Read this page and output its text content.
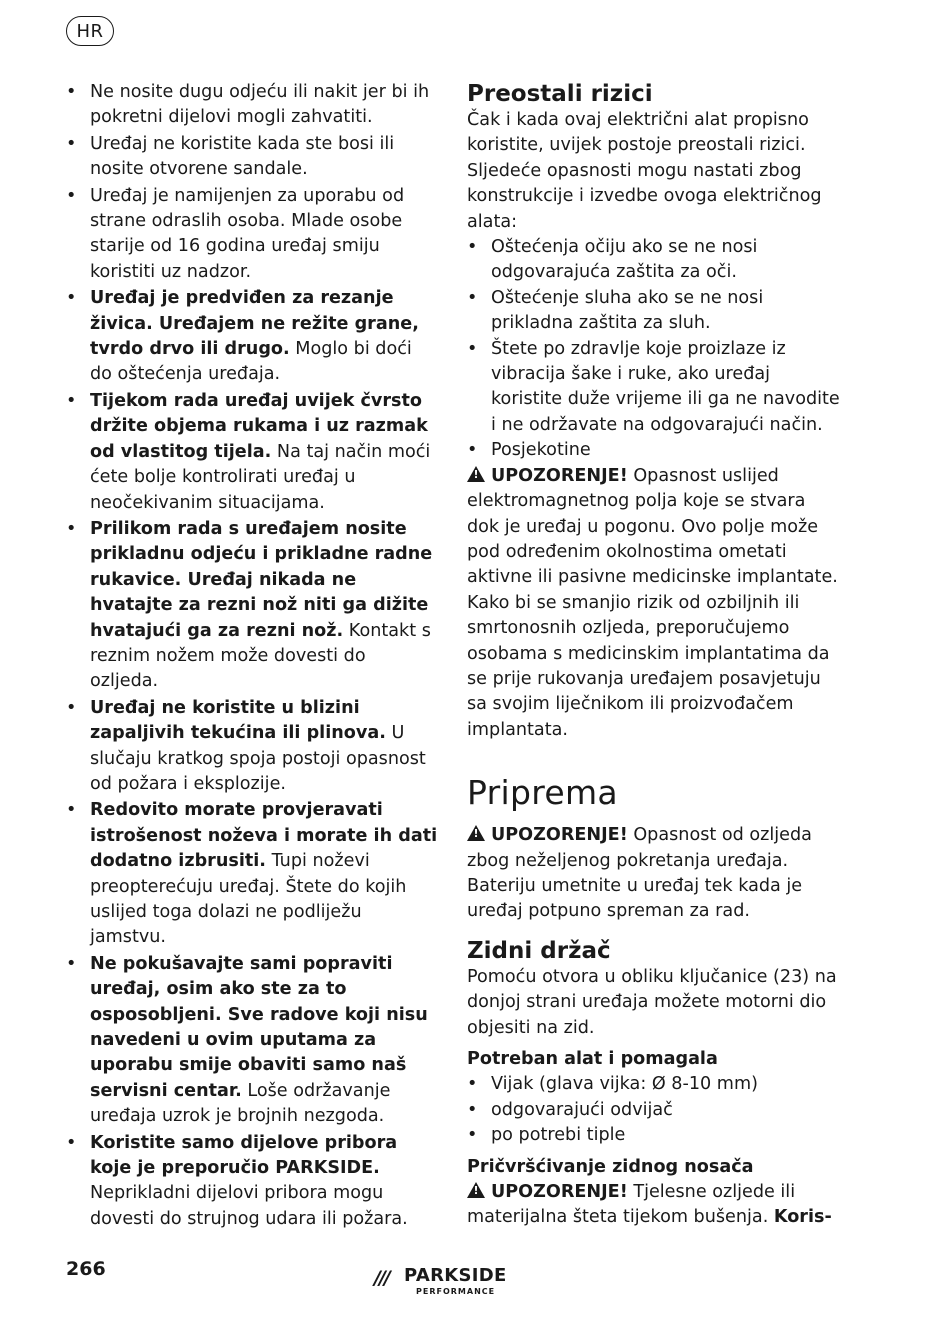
HR
• Ne nosite dugu odjeću ili nakit jer bi ih pokretni dijelovi mogli zahvatiti.
• Uređaj ne koristite kada ste bosi ili nosite otvorene sandale.
• Uređaj je namijenjen za uporabu od strane odraslih osoba. Mlade osobe starije od 16 godina uređaj smiju koristiti uz nadzor.
• Uređaj je predviđen za rezanje živica. Uređajem ne režite grane, tvrdo drvo ili drugo. Moglo bi doći do oštećenja uređaja.
• Tijekom rada uređaj uvijek čvrsto držite objema rukama i uz razmak od vlastitog tijela. Na taj način moći ćete bolje kontrolirati uređaj u neočekivanim situacijama.
• Prilikom rada s uređajem nosite prikladnu odjeću i prikladne radne rukavice. Uređaj nikada ne hvatajte za rezni nož niti ga dižite hvatajući ga za rezni nož. Kontakt s reznim nožem može dovesti do ozljeda.
• Uređaj ne koristite u blizini zapaljivih tekućina ili plinova. U slučaju kratkog spoja postoji opasnost od požara i eksplozije.
• Redovito morate provjeravati istrošenost noževa i morate ih dati dodatno izbrusiti. Tupi noževi preopterećuju uređaj. Štete do kojih uslijed toga dolazi ne podliježu jamstvu.
• Ne pokušavajte sami popraviti uređaj, osim ako ste za to osposobljeni. Sve radove koji nisu navedeni u ovim uputama za uporabu smije obaviti samo naš servisni centar. Loše održavanje uređaja uzrok je brojnih nezgoda.
• Koristite samo dijelove pribora koje je preporučio PARKSIDE. Neprikladni dijelovi pribora mogu dovesti do strujnog udara ili požara.
Preostali rizici

Čak i kada ovaj električni alat propisno koristite, uvijek postoje preostali rizici. Sljedeće opasnosti mogu nastati zbog konstrukcije i izvedbe ovoga električnog alata:

• Oštećenja očiju ako se ne nosi odgovarajuća zaštita za oči.
• Oštećenje sluha ako se ne nosi prikladna zaštita za sluh.
• Štete po zdravlje koje proizlaze iz vibracija šake i ruke, ako uređaj koristite duže vrijeme ili ga ne navodite i ne održavate na odgovarajući način.
• Posjekotine

!UPOZORENJE! Opasnost uslijed elektromagnetnog polja koje se stvara dok je uređaj u pogonu. Ovo polje može pod određenim okolnostima ometati aktivne ili pasivne medicinske implantate. Kako bi se smanjio rizik od ozbiljnih ili smrtonosnih ozljeda, preporučujemo osobama s medicinskim implantatima da se prije rukovanja uređajem posavjetuju sa svojim liječnikom ili proizvođačem implantata.

Priprema

!UPOZORENJE! Opasnost od ozljeda zbog neželjenog pokretanja uređaja. Bateriju umetnite u uređaj tek kada je uređaj potpuno spreman za rad.

Zidni držač

Pomoću otvora u obliku ključanice (23) na donjoj strani uređaja možete motorni dio objesiti na zid.

Potreban alat i pomagala
• Vijak (glava vijka: Ø 8-10 mm)
• odgovarajući odvijač
• po potrebi tiple
Pričvršćivanje zidnog nosača

!UPOZORENJE! Tjelesne ozljede ili materijalna šteta tijekom bušenja. Koris-

266	/// PARKSIDE
PERFORMANCE
